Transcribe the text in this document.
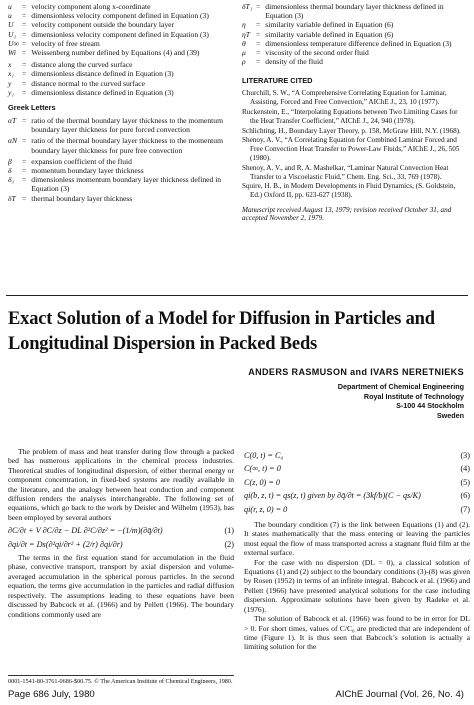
u	= velocity component along x-coordinate
u	= dimensionless velocity component defined in Equation (3)
U	= velocity component outside the boundary layer
U₁ = dimensionless velocity component defined in Equation (3)
U∞ = velocity of free stream
Wi = Weissenberg number defined by Equations (4) and (39)
x	= distance along the curved surface
x₁	= dimensionless distance defined in Equation (3)
y	= distance normal to the curved surface
y₁	= dimensionless distance defined in Equation (3)
Greek Letters
αT = ratio of the thermal boundary layer thickness to the momentum boundary layer thickness for pure forced convection
αN = ratio of the thermal boundary layer thickness to the momentum boundary layer thickness for pure free convection
β	= expansion coefficient of the fluid
δ	= momentum boundary layer thickness
δ₁	= dimensionless momentum boundary layer thickness defined in Equation (3)
δT = thermal boundary layer thickness
δT₁ = dimensionless thermal boundary layer thickness defined in Equation (3)
η	= similarity variable defined in Equation (6)
ηT = similarity variable defined in Equation (6)
θ	= dimensionless temperature difference defined in Equation (3)
μ	= viscosity of the second order fluid
ρ	= density of the fluid
LITERATURE CITED
Churchill, S. W., “A Comprehensive Correlating Equation for Laminar, Assisting, Forced and Free Convection,” AIChE J., 23, 10 (1977).
Ruckenstein, E., “Interpolating Equations between Two Limiting Cases for the Heat Transfer Coefficient,” AIChE J., 24, 940 (1978).
Schlichting, H., Boundary Layer Theory, p. 158, McGraw Hill, N.Y. (1968).
Shenoy, A. V., “A Correlating Equation for Combined Laminar Forced and Free Convection Heat Transfer to Power-Law Fluids,” AIChE J., 26, 505 (1980).
Shenoy, A. V., and R. A. Mashelkar, “Laminar Natural Convection Heat Transfer to a Viscoelastic Fluid,” Chem. Eng. Sci., 33, 769 (1978).
Squire, H. B., in Modern Developments in Fluid Dynamics, (S. Goldstein, Ed.) Oxford II, pp. 623-627 (1938).
Manuscript received August 13, 1979; revision received October 31, and accepted November 2, 1979.
Exact Solution of a Model for Diffusion in Particles and Longitudinal Dispersion in Packed Beds
ANDERS RASMUSON and IVARS NERETNIEKS
Department of Chemical Engineering
Royal Institute of Technology
S-100 44 Stockholm
Sweden
The problem of mass and heat transfer during flow through a packed bed has numerous applications in the chemical process industries. Theoretical studies of longitudinal dispersion, of either thermal energy or component concentration, in fixed-bed systems are readily available in the literature, and the analogy between heat conduction and component diffusion renders the analyses interchangeable. The following set of equations, which go back to the work by Deisler and Wilhelm (1953), has been employed by several authors
∂C/∂t + V ∂C/∂z − DL ∂²C/∂z² = −(1/m)(∂q̄/∂t)	(1)
∂qi/∂t = Ds(∂²qi/∂r² + (2/r) ∂qi/∂r)	(2)
The terms in the first equation stand for accumulation in the fluid phase, convective transport, transport by axial dispersion and volume-averaged accumulation in the spherical porous particles. In the second equation, the terms give accumulation in the particles and radial diffusion respectively. The assumptions leading to these equations have been discussed by Babcock et al. (1966) and by Pellett (1966). The boundary conditions commonly used are
C(0, t) = C₀	(3)
C(∞, t) = 0	(4)
C(z, 0) = 0	(5)
qi(b, z, t) = qs(z, t) given by ∂q̄/∂t = (3kf/b)(C − qs/K)	(6)
qi(r, z, 0) = 0	(7)
The boundary condition (7) is the link between Equations (1) and (2). It states mathematically that the mass entering or leaving the particles must equal the flow of mass transported across a stagnant fluid film at the external surface.
For the case with no dispersion (DL = 0), a classical solution of Equations (1) and (2) subject to the boundary conditions (3)-(8) was given by Rosen (1952) in terms of an infinite integral. Babcock et al. (1966) and Pellett (1966) have presented analytical solutions for the case including dispersion. Approximate solutions have been given by Radeke et al. (1976).
The solution of Babcock et al. (1966) was found to be in error for DL > 0. For short times, values of C/C₀ are predicted that are independent of time (Figure 1). It is thus seen that Babcock’s solution is actually a limiting solution for the
0001-1541-80-3761-0686-$00.75. © The American Institute of Chemical Engineers, 1980.
Page 686 July, 1980	AIChE Journal (Vol. 26, No. 4)
